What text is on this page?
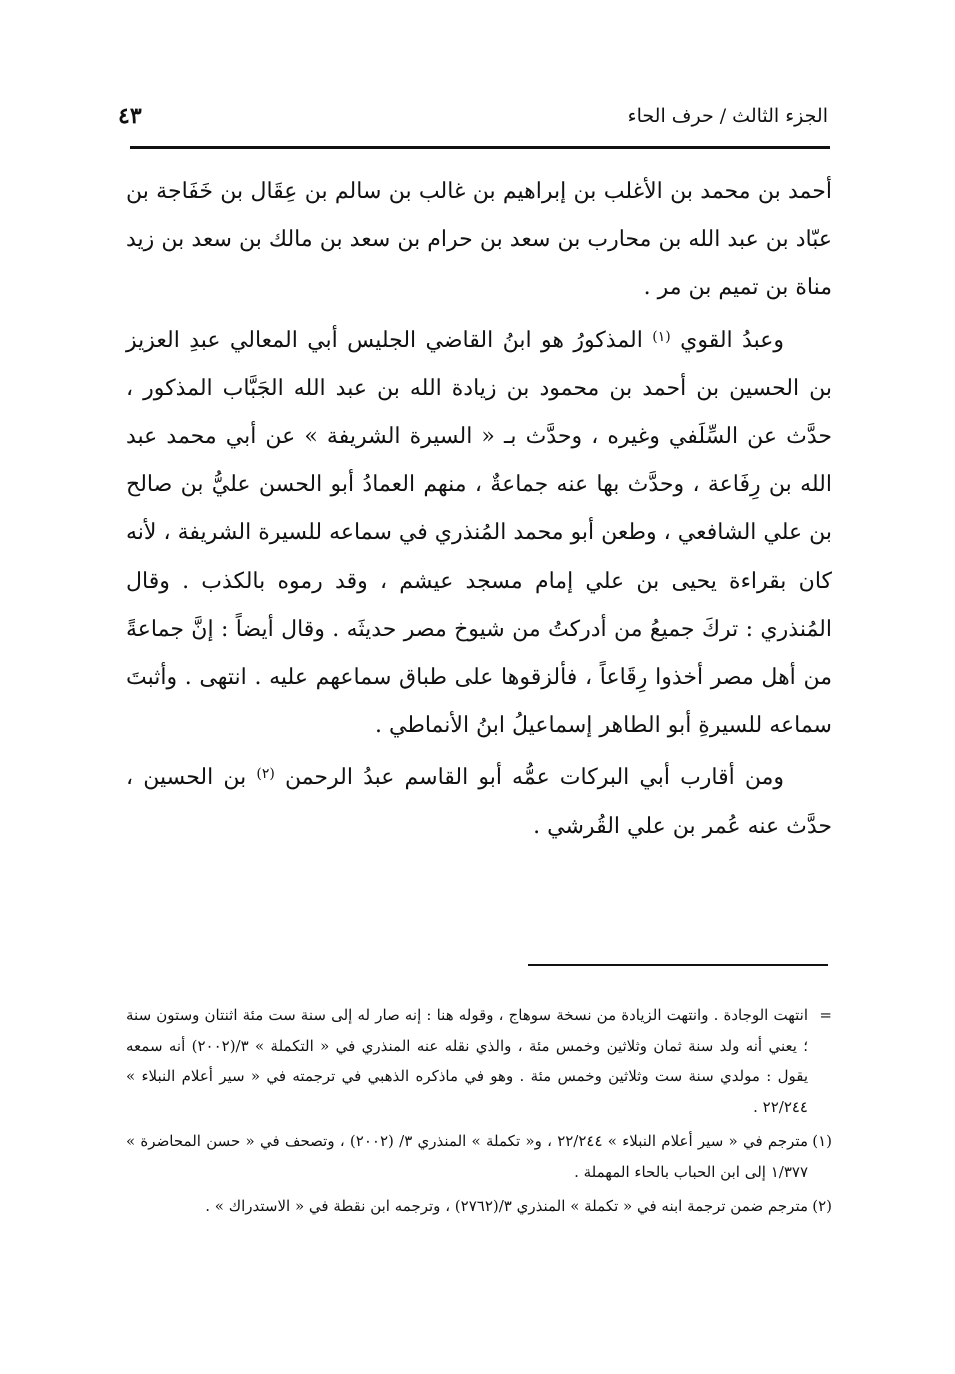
الجزء الثالث / حرف الحاء
٤٣

أحمد بن محمد بن الأغلب بن إبراهيم بن غالب بن سالم بن عِقَال بن خَفَاجة بن عبّاد بن عبد الله بن محارب بن سعد بن حرام بن سعد بن مالك بن سعد بن زيد مناة بن تميم بن مر .

وعبدُ القوي $^{(١)}$ المذكورُ هو ابنُ القاضي الجليس أبي المعالي عبدِ العزيز بن الحسين بن أحمد بن محمود بن زيادة الله بن عبد الله الجَبَّاب المذكور ، حدَّث عن السِّلَفي وغيره ، وحدَّث بـ « السيرة الشريفة » عن أبي محمد عبد الله بن رِفَاعة ، وحدَّث بها عنه جماعةٌ ، منهم العمادُ أبو الحسن عليُّ بن صالح بن علي الشافعي ، وطعن أبو محمد المُنذري في سماعه للسيرة الشريفة ، لأنه كان بقراءة يحيى بن علي إمام مسجد عيشم ، وقد رموه بالكذب . وقال المُنذري : تركَ جميعُ من أدركتُ من شيوخ مصر حديثَه . وقال أيضاً : إنَّ جماعةً من أهل مصر أخذوا رِقَاعاً ، فألزقوها على طباق سماعهم عليه . انتهى . وأثبتَ سماعه للسيرةِ أبو الطاهر إسماعيلُ ابنُ الأنماطي .

ومن أقارب أبي البركات عمُّه أبو القاسم عبدُ الرحمن $^{(٢)}$ بن الحسين ، حدَّث عنه عُمر بن علي القُرشي .

=
انتهت الوجادة . وانتهت الزيادة من نسخة سوهاج ، وقوله هنا : إنه صار له إلى سنة ست مئة اثنتان وستون سنة ؛ يعني أنه ولد سنة ثمان وثلاثين وخمس مئة ، والذي نقله عنه المنذري في « التكملة » ٣/(٢٠٠٢) أنه سمعه يقول : مولدي سنة ست وثلاثين وخمس مئة . وهو في ماذكره الذهبي في ترجمته في « سير أعلام النبلاء » ٢٢/٢٤٤ .
(١)
مترجم في « سير أعلام النبلاء » ٢٢/٢٤٤ ، و« تكملة » المنذري ٣/ (٢٠٠٢) ، وتصحف في « حسن المحاضرة » ١/٣٧٧ إلى ابن الحباب بالحاء المهملة .
(٢)
مترجم ضمن ترجمة ابنه في « تكملة » المنذري ٣/(٢٧٦٢) ، وترجمه ابن نقطة في « الاستدراك » .
